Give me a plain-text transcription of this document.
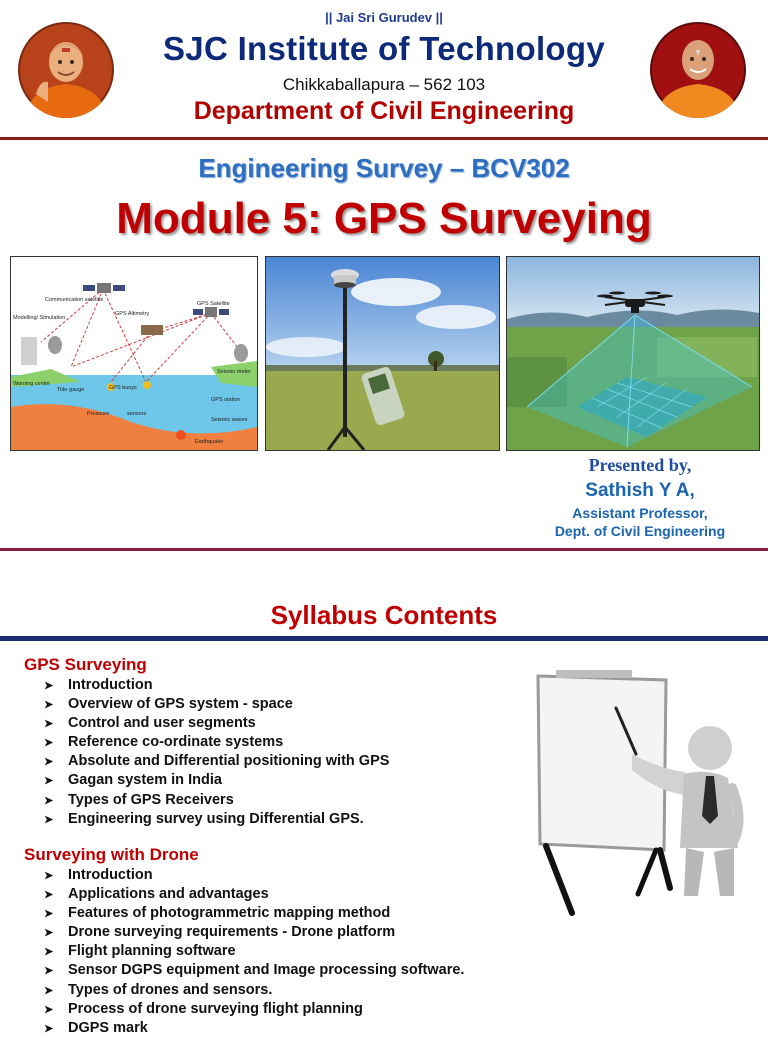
|| Jai Sri Gurudev ||
SJC Institute of Technology
Chikkaballapura – 562 103
Department of Civil Engineering
Engineering Survey – BCV302
Module 5: GPS Surveying
Communication satellite
GPS Satellite
GPS Altimetry
Modelling/ Simulation
Warning center
Tide gauge	GPS buoys
Seismo meter
GPS station
Pressure	sensors
Seismic waves
Earthquake
Presented by,
Sathish Y A,
Assistant Professor,
Dept. of Civil Engineering
Syllabus Contents
GPS Surveying
➤ Introduction
➤ Overview of GPS system - space
➤ Control and user segments
➤ Reference co-ordinate systems
➤ Absolute and Differential positioning with GPS
➤ Gagan system in India
➤ Types of GPS Receivers
➤ Engineering survey using Differential GPS.
Surveying with Drone
➤ Introduction
➤ Applications and advantages
➤ Features of photogrammetric mapping method
➤ Drone surveying requirements - Drone platform
➤ Flight planning software
➤ Sensor DGPS equipment and Image processing software.
➤ Types of drones and sensors.
➤ Process of drone surveying flight planning
➤ DGPS mark
